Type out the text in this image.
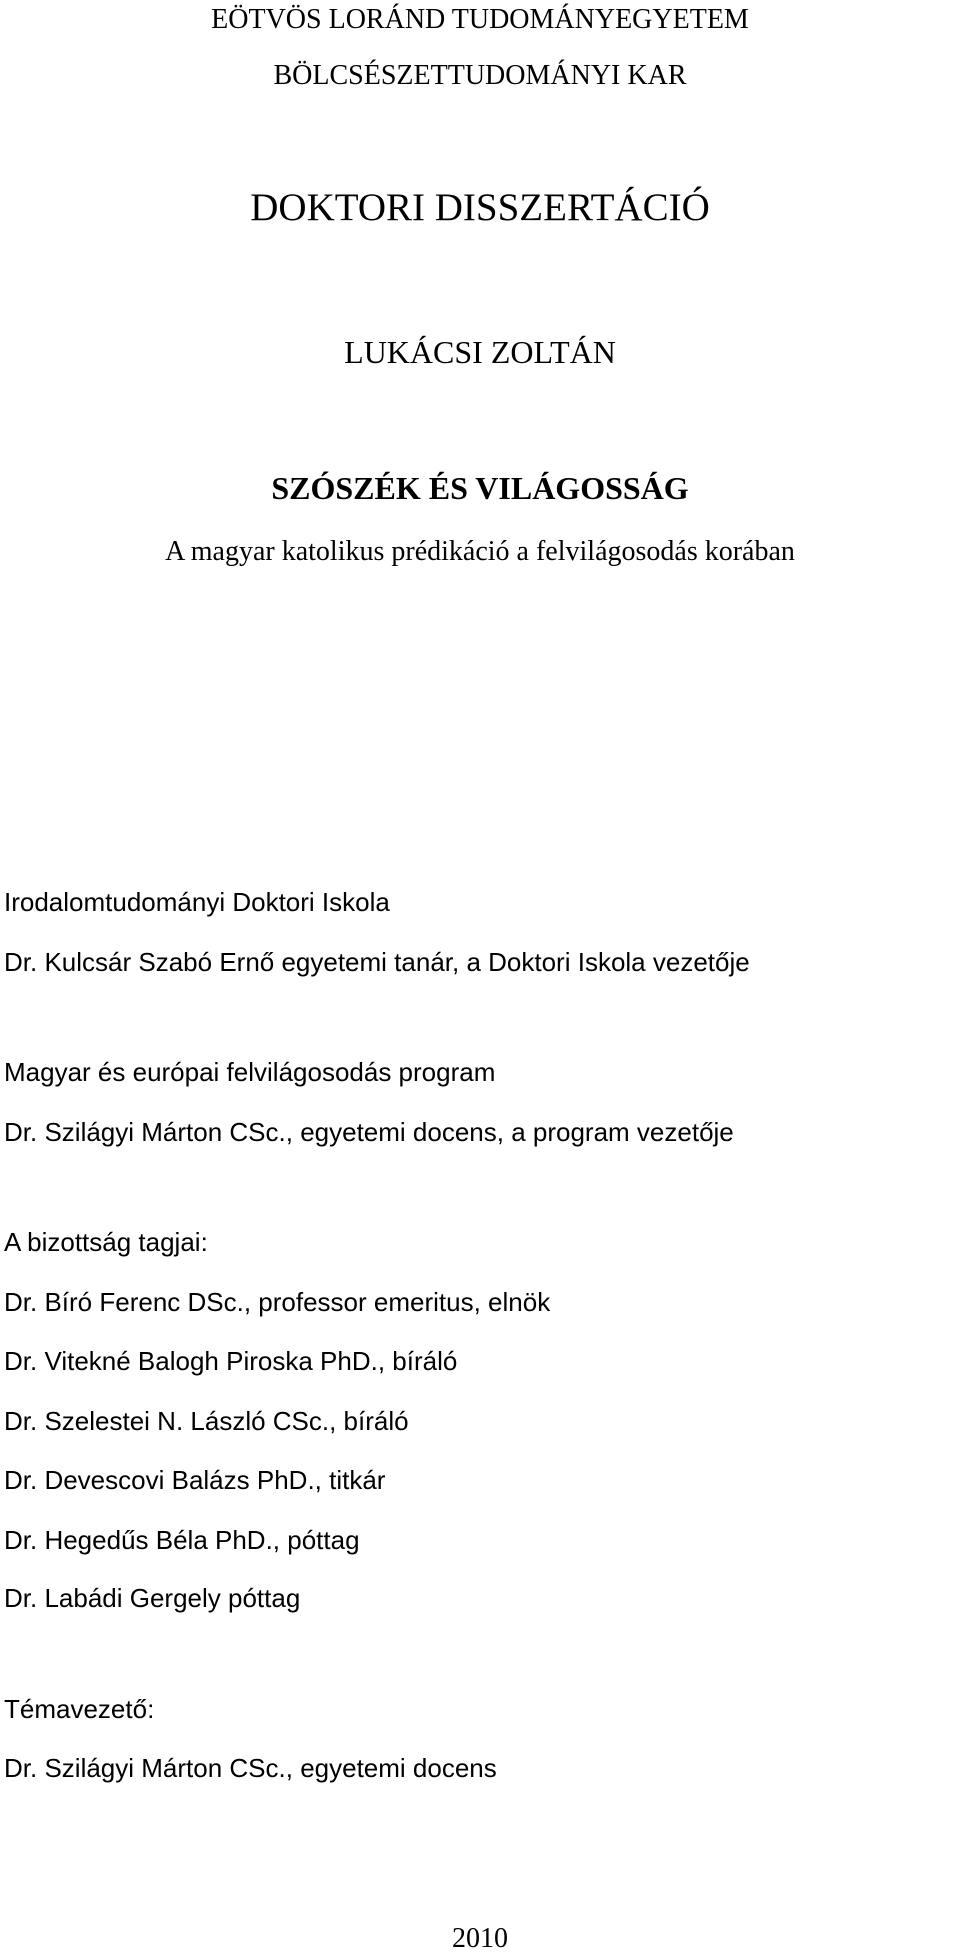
EÖTVÖS LORÁND TUDOMÁNYEGYETEM
BÖLCSÉSZETTUDOMÁNYI KAR
DOKTORI DISSZERTÁCIÓ
LUKÁCSI ZOLTÁN
SZÓSZÉK ÉS VILÁGOSSÁG
A magyar katolikus prédikáció a felvilágosodás korában
Irodalomtudományi Doktori Iskola
Dr. Kulcsár Szabó Ernő egyetemi tanár, a Doktori Iskola vezetője
Magyar és európai felvilágosodás program
Dr. Szilágyi Márton CSc., egyetemi docens, a program vezetője
A bizottság tagjai:
Dr. Bíró Ferenc DSc., professor emeritus, elnök
Dr. Vitekné Balogh Piroska PhD., bíráló
Dr. Szelestei N. László CSc., bíráló
Dr. Devescovi Balázs PhD., titkár
Dr. Hegedűs Béla PhD., póttag
Dr. Labádi Gergely póttag
Témavezető:
Dr. Szilágyi Márton CSc., egyetemi docens
2010
